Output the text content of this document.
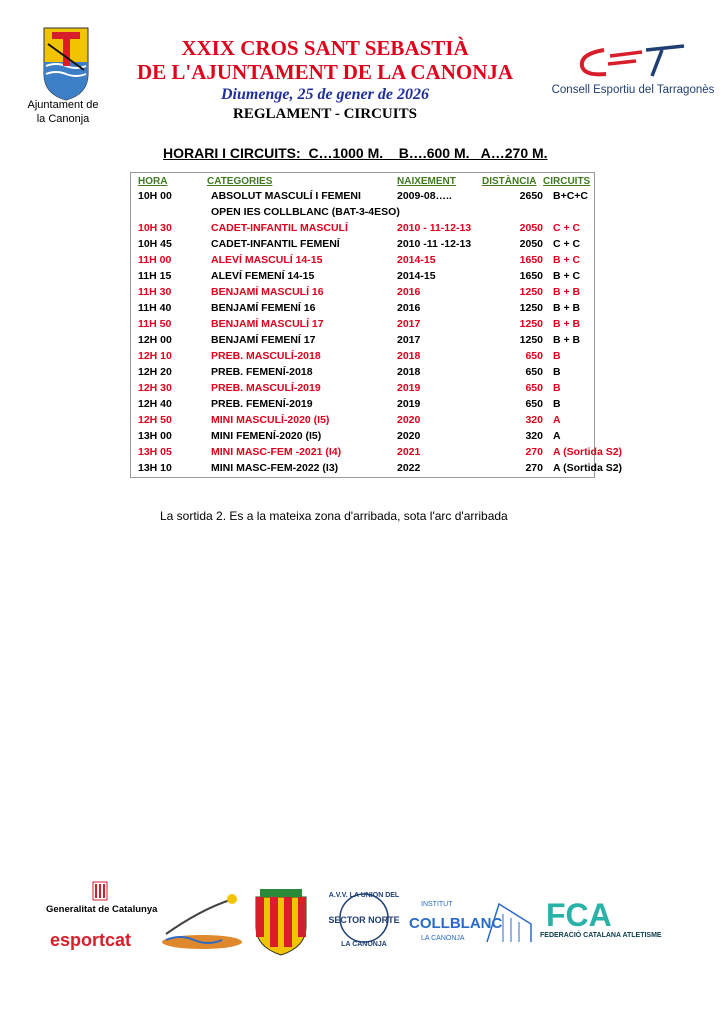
Ajuntament de
la Canonja
XXIX CROS SANT SEBASTIÀ
DE L'AJUNTAMENT DE LA CANONJA
Diumenge, 25 de gener de 2026
REGLAMENT - CIRCUITS
Consell Esportiu del Tarragonès
HORARI I CIRCUITS:  C…1000 M.    B….600 M.   A…270 M.
HORA	CATEGORIES	NAIXEMENT	DISTÀNCIA CIRCUITS
10H 00	ABSOLUT MASCULÍ I FEMENI	2009-08…..	2650 B+C+C
OPEN IES COLLBLANC (BAT-3-4ESO)
10H 30	CADET-INFANTIL MASCULÍ	2010 - 11-12-13	2050 C + C
10H 45	CADET-INFANTIL FEMENÍ	2010 -11 -12-13	2050 C + C
11H 00	ALEVÍ MASCULÍ 14-15	2014-15	1650 B + C
11H 15	ALEVÍ FEMENÍ 14-15	2014-15	1650 B + C
11H 30	BENJAMÍ MASCULÍ 16	2016	1250 B + B
11H 40	BENJAMÍ FEMENÍ 16	2016	1250 B + B
11H 50	BENJAMÍ MASCULÍ 17	2017	1250 B + B
12H 00	BENJAMÍ FEMENÍ 17	2017	1250 B + B
12H 10	PREB. MASCULÍ-2018	2018	650 B
12H 20	PREB. FEMENÍ-2018	2018	650 B
12H 30	PREB. MASCULÍ-2019	2019	650 B
12H 40	PREB. FEMENÍ-2019	2019	650 B
12H 50	MINI MASCULÍ-2020 (I5)	2020	320 A
13H 00	MINI FEMENÍ-2020 (I5)	2020	320 A
13H 05	MINI MASC-FEM -2021 (I4)	2021	270 A (Sortida S2)
13H 10	MINI MASC-FEM-2022 (I3)	2022	270 A (Sortida S2)
La sortida 2. Es a la mateixa zona d'arribada, sota l'arc d'arribada
Generalitat de Catalunya
esportcat
A.V.V. LA UNION DEL
SECTOR NORTE
LA CANONJA
INSTITUT
COLLBLANC
LA CANONJA
FCA
FEDERACIÓ CATALANA ATLETISME
